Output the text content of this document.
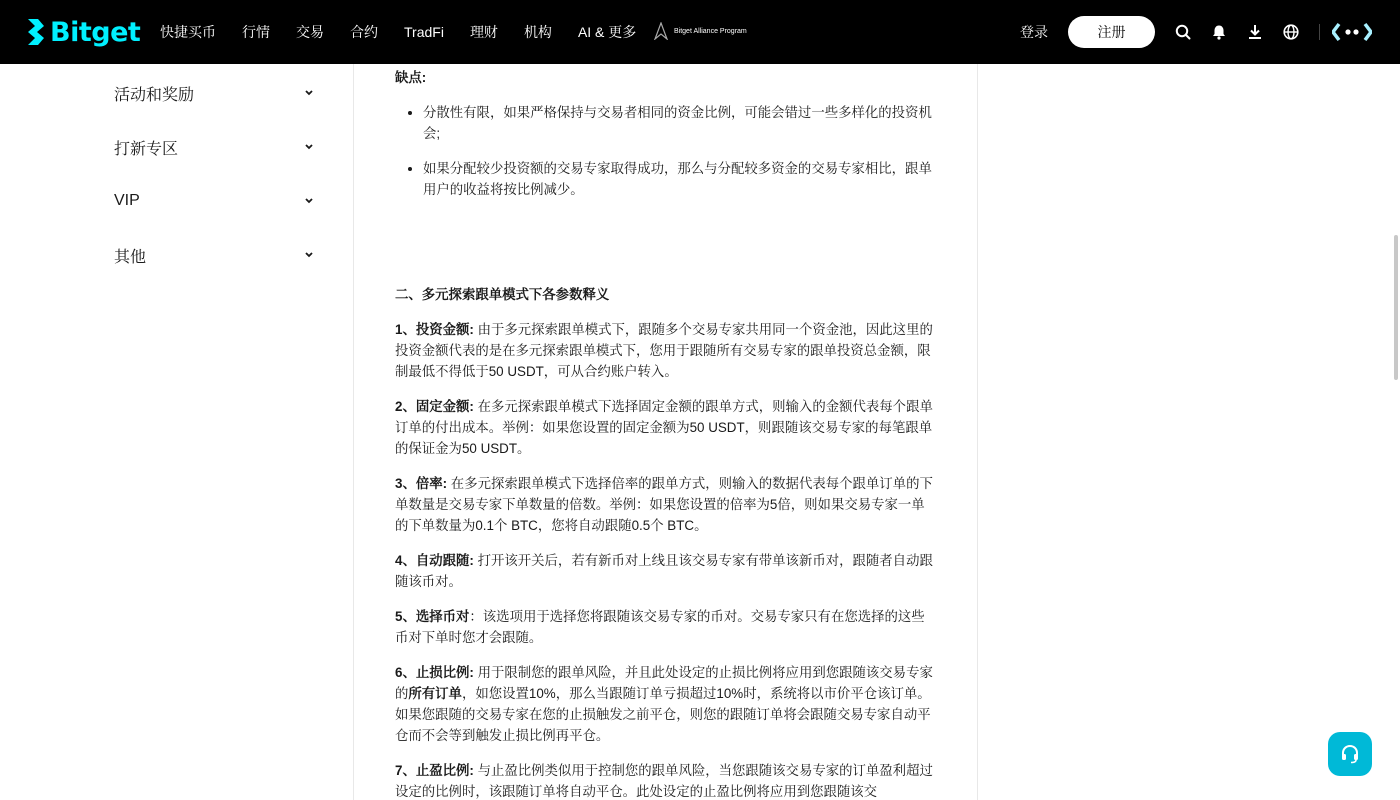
Bitget 快捷买币 行情 交易 合约 TradFi 理财 机构 AI & 更多	Bitget Alliance Program	登录	注册
活动和奖励
打新专区
VIP
其他
缺点:
• 分散性有限，如果严格保持与交易者相同的资金比例，可能会错过一些多样化的投资机会;
• 如果分配较少投资额的交易专家取得成功，那么与分配较多资金的交易专家相比，跟单用户的收益将按比例减少。
二、多元探索跟单模式下各参数释义
1、投资金额: 由于多元探索跟单模式下，跟随多个交易专家共用同一个资金池，因此这里的投资金额代表的是在多元探索跟单模式下，您用于跟随所有交易专家的跟单投资总金额，限制最低不得低于50 USDT，可从合约账户转入。
2、固定金额: 在多元探索跟单模式下选择固定金额的跟单方式，则输入的金额代表每个跟单订单的付出成本。举例：如果您设置的固定金额为50 USDT，则跟随该交易专家的每笔跟单的保证金为50 USDT。
3、倍率: 在多元探索跟单模式下选择倍率的跟单方式，则输入的数据代表每个跟单订单的下单数量是交易专家下单数量的倍数。举例：如果您设置的倍率为5倍，则如果交易专家一单的下单数量为0.1个 BTC，您将自动跟随0.5个 BTC。
4、自动跟随: 打开该开关后，若有新币对上线且该交易专家有带单该新币对，跟随者自动跟随该币对。
5、选择币对：该选项用于选择您将跟随该交易专家的币对。交易专家只有在您选择的这些币对下单时您才会跟随。
6、止损比例: 用于限制您的跟单风险，并且此处设定的止损比例将应用到您跟随该交易专家的所有订单，如您设置10%，那么当跟随订单亏损超过10%时，系统将以市价平仓该订单。 如果您跟随的交易专家在您的止损触发之前平仓，则您的跟随订单将会跟随交易专家自动平仓而不会等到触发止损比例再平仓。
7、止盈比例: 与止盈比例类似用于控制您的跟单风险，当您跟随该交易专家的订单盈利超过设定的比例时，该跟随订单将自动平仓。此处设定的止盈比例将应用到您跟随该交
